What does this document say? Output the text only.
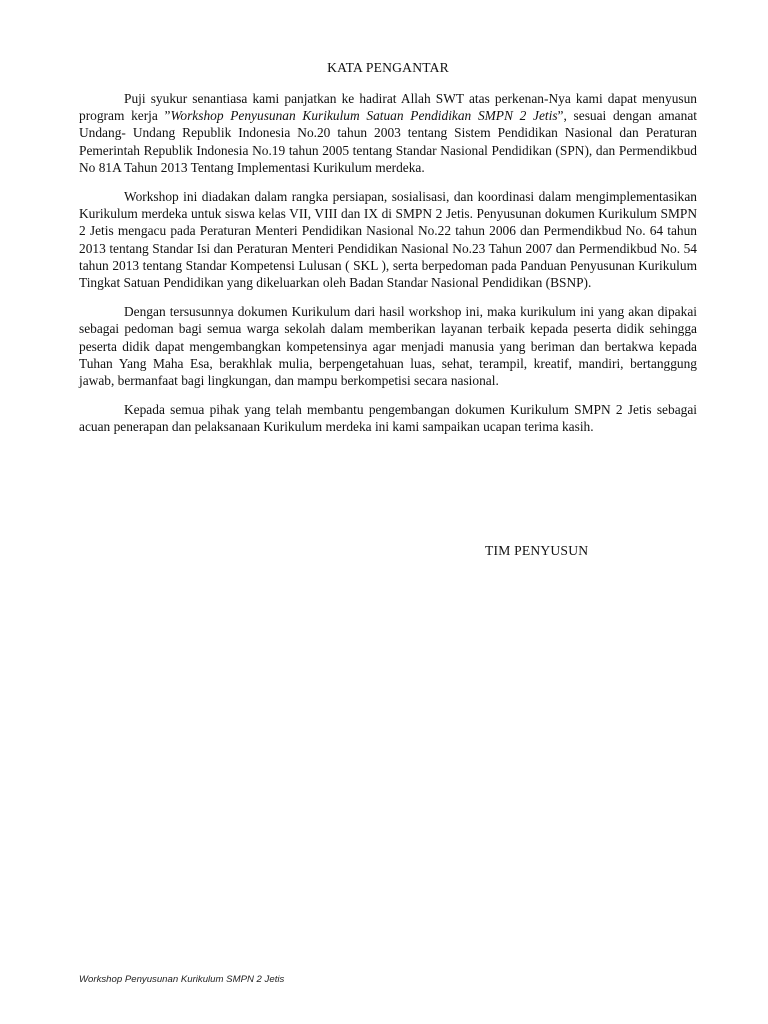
KATA PENGANTAR

Puji syukur senantiasa kami panjatkan ke hadirat Allah SWT atas perkenan-Nya kami dapat menyusun program kerja ”Workshop Penyusunan Kurikulum Satuan Pendidikan SMPN 2 Jetis”, sesuai dengan amanat Undang- Undang Republik Indonesia No.20 tahun 2003 tentang Sistem Pendidikan Nasional dan Peraturan Pemerintah Republik Indonesia No.19 tahun 2005 tentang Standar Nasional Pendidikan (SPN), dan Permendikbud No 81A Tahun 2013 Tentang Implementasi Kurikulum merdeka.

Workshop ini diadakan dalam rangka persiapan, sosialisasi, dan koordinasi dalam mengimplementasikan Kurikulum merdeka untuk siswa kelas VII, VIII dan IX di SMPN 2 Jetis. Penyusunan dokumen Kurikulum SMPN 2 Jetis mengacu pada Peraturan Menteri Pendidikan Nasional No.22 tahun 2006 dan Permendikbud No. 64 tahun 2013 tentang Standar Isi dan Peraturan Menteri Pendidikan Nasional No.23 Tahun 2007 dan Permendikbud No. 54 tahun 2013 tentang Standar Kompetensi Lulusan ( SKL ), serta berpedoman pada Panduan Penyusunan Kurikulum Tingkat Satuan Pendidikan yang dikeluarkan oleh Badan Standar Nasional Pendidikan (BSNP).

Dengan tersusunnya dokumen Kurikulum dari hasil workshop ini, maka kurikulum ini yang akan dipakai sebagai pedoman bagi semua warga sekolah dalam memberikan layanan terbaik kepada peserta didik sehingga peserta didik dapat mengembangkan kompetensinya agar menjadi manusia yang beriman dan bertakwa kepada Tuhan Yang Maha Esa, berakhlak mulia, berpengetahuan luas, sehat, terampil, kreatif, mandiri, bertanggung jawab, bermanfaat bagi lingkungan, dan mampu berkompetisi secara nasional.

Kepada semua pihak yang telah membantu pengembangan dokumen Kurikulum SMPN 2 Jetis sebagai acuan penerapan dan pelaksanaan Kurikulum merdeka ini kami sampaikan ucapan terima kasih.

TIM PENYUSUN
Workshop Penyusunan Kurikulum SMPN 2 Jetis
